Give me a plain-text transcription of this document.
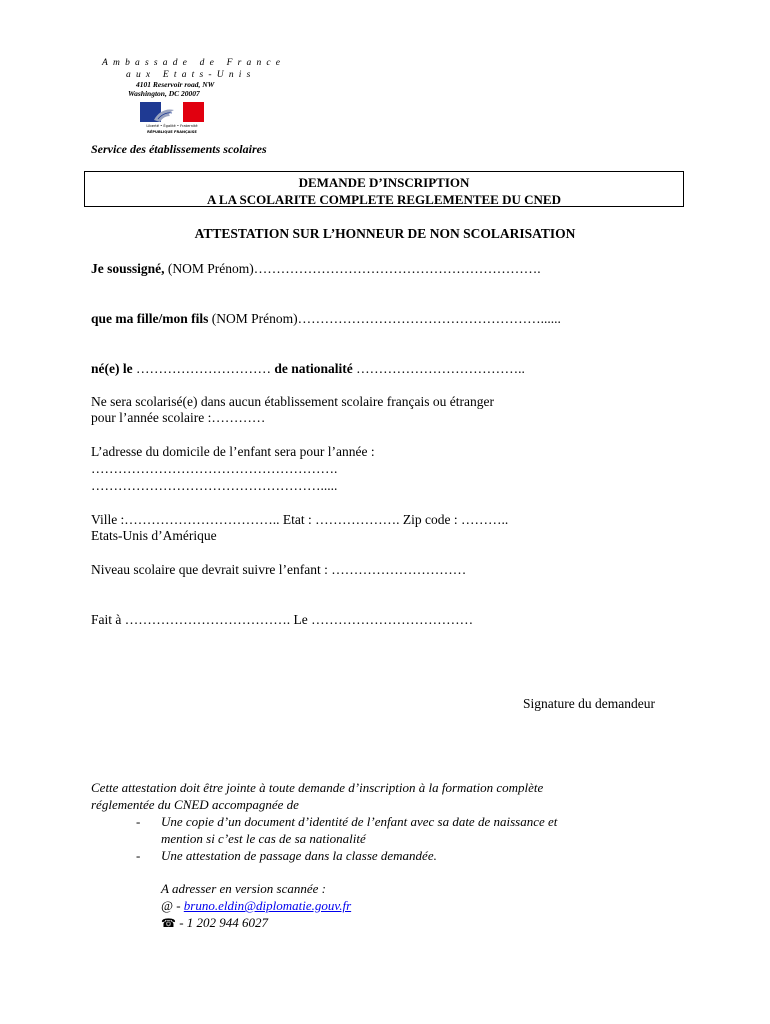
Ambassade de France
aux Etats-Unis
4101 Reservoir road, NW
Washington, DC 20007
Liberté • Égalité • Fraternité
RÉPUBLIQUE FRANÇAISE
Service des établissements scolaires
DEMANDE D’INSCRIPTION
A LA SCOLARITE COMPLETE REGLEMENTEE DU CNED
ATTESTATION SUR L’HONNEUR DE NON SCOLARISATION
Je soussigné, (NOM Prénom)……………………………………………………….
que ma fille/mon fils (NOM Prénom)………………………………………………......
né(e) le ………………………… de nationalité ………………………………..
Ne sera scolarisé(e) dans aucun établissement scolaire français ou étranger
pour l’année scolaire :…………
L’adresse du domicile de l’enfant sera pour l’année :
……………………………………………….
…………………………………………….....
Ville :…………………………….. Etat : ………………. Zip code : ………..
Etats-Unis d’Amérique
Niveau scolaire que devrait suivre l’enfant : …………………………
Fait à ………………………………. Le ………………………………
Signature du demandeur
Cette attestation doit être jointe à toute demande d’inscription à la formation complète
réglementée du CNED accompagnée de
- Une copie d’un document d’identité de l’enfant avec sa date de naissance et
mention si c’est le cas de sa nationalité
- Une attestation de passage dans la classe demandée.
A adresser en version scannée :
@ - bruno.eldin@diplomatie.gouv.fr
☎ - 1 202 944 6027
